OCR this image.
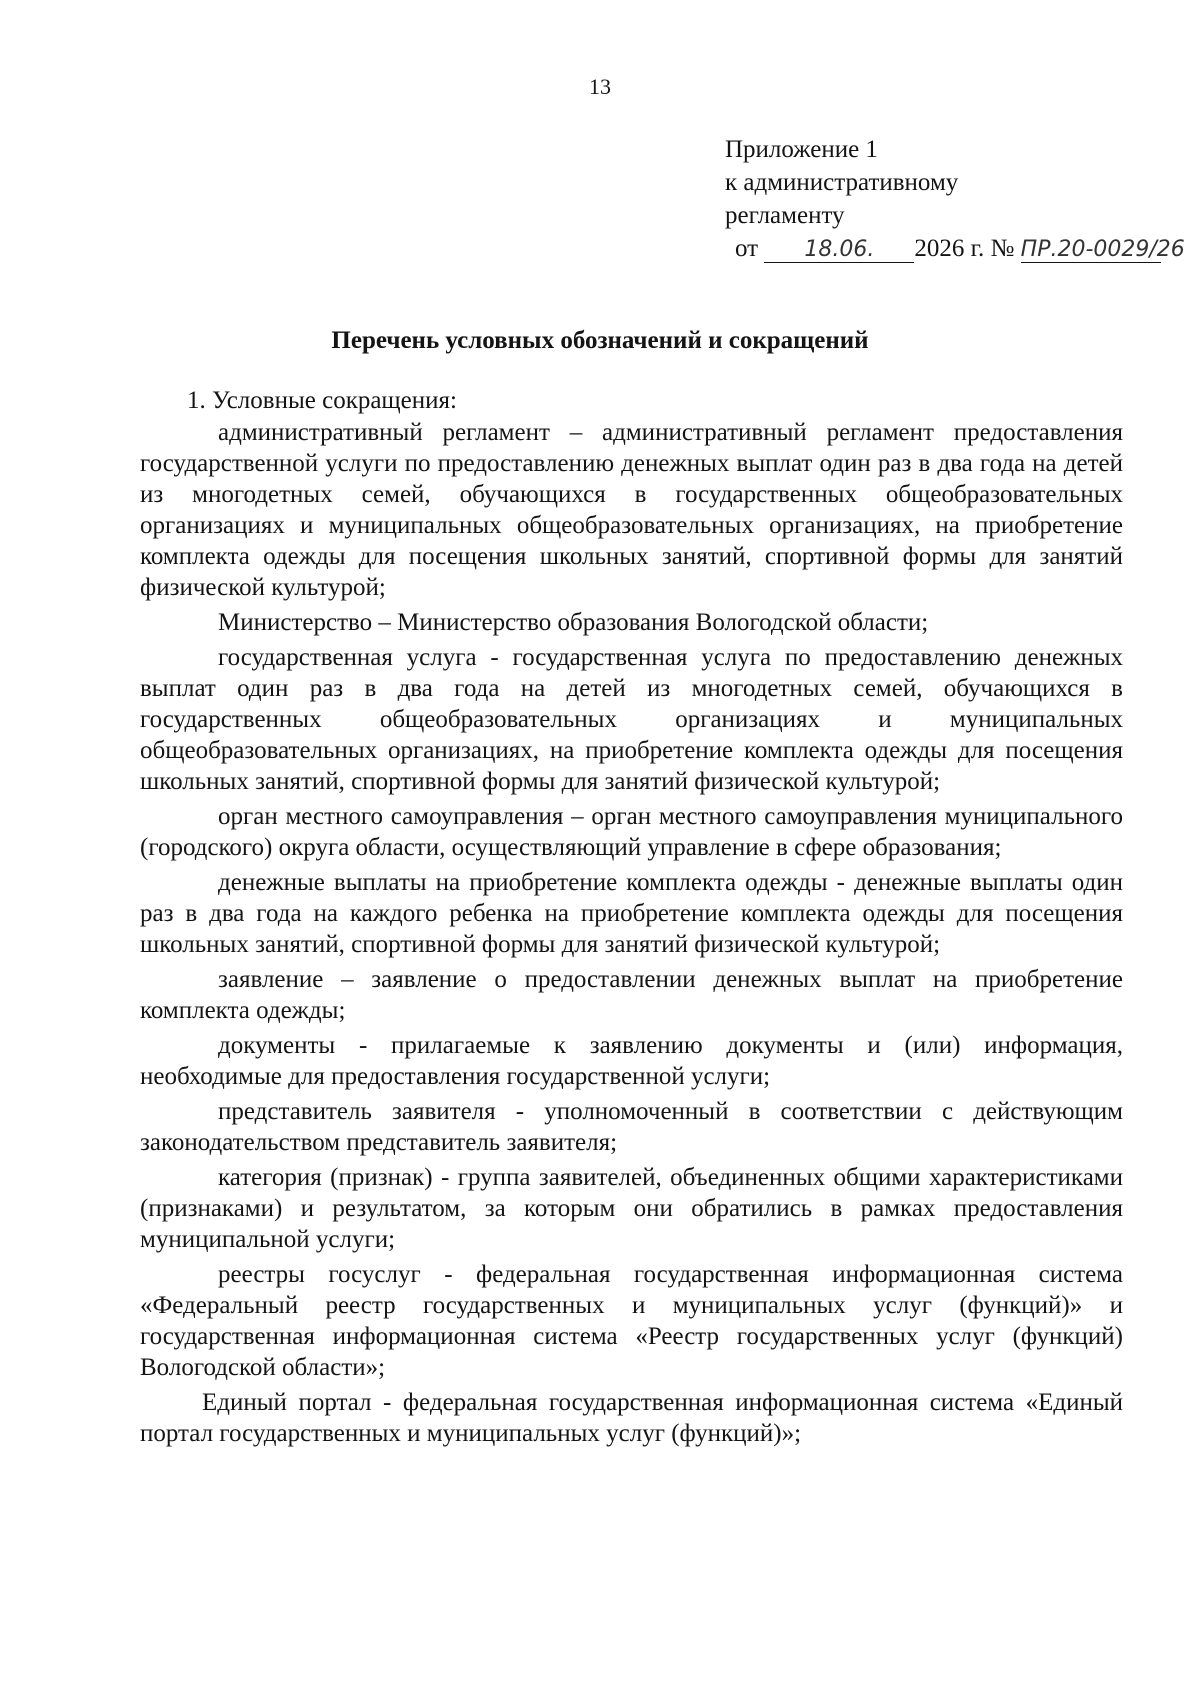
13
Приложение 1
к административному
регламенту
от 18.06. 2026 г. № ПР.20-0029/26
Перечень условных обозначений и сокращений
1. Условные сокращения:

административный регламент – административный регламент предоставления государственной услуги по предоставлению денежных выплат один раз в два года на детей из многодетных семей, обучающихся в государственных общеобразовательных организациях и муниципальных общеобразовательных организациях, на приобретение комплекта одежды для посещения школьных занятий, спортивной формы для занятий физической культурой;

Министерство – Министерство образования Вологодской области;

государственная услуга - государственная услуга по предоставлению денежных выплат один раз в два года на детей из многодетных семей, обучающихся в государственных общеобразовательных организациях и муниципальных общеобразовательных организациях, на приобретение комплекта одежды для посещения школьных занятий, спортивной формы для занятий физической культурой;

орган местного самоуправления – орган местного самоуправления муниципального (городского) округа области, осуществляющий управление в сфере образования;

денежные выплаты на приобретение комплекта одежды - денежные выплаты один раз в два года на каждого ребенка на приобретение комплекта одежды для посещения школьных занятий, спортивной формы для занятий физической культурой;

заявление – заявление о предоставлении денежных выплат на приобретение комплекта одежды;

документы - прилагаемые к заявлению документы и (или) информация, необходимые для предоставления государственной услуги;

представитель заявителя - уполномоченный в соответствии с действующим законодательством представитель заявителя;

категория (признак) - группа заявителей, объединенных общими характеристиками (признаками) и результатом, за которым они обратились в рамках предоставления муниципальной услуги;

реестры госуслуг - федеральная государственная информационная система «Федеральный реестр государственных и муниципальных услуг (функций)» и государственная информационная система «Реестр государственных услуг (функций) Вологодской области»;

Единый портал - федеральная государственная информационная система «Единый портал государственных и муниципальных услуг (функций)»;
